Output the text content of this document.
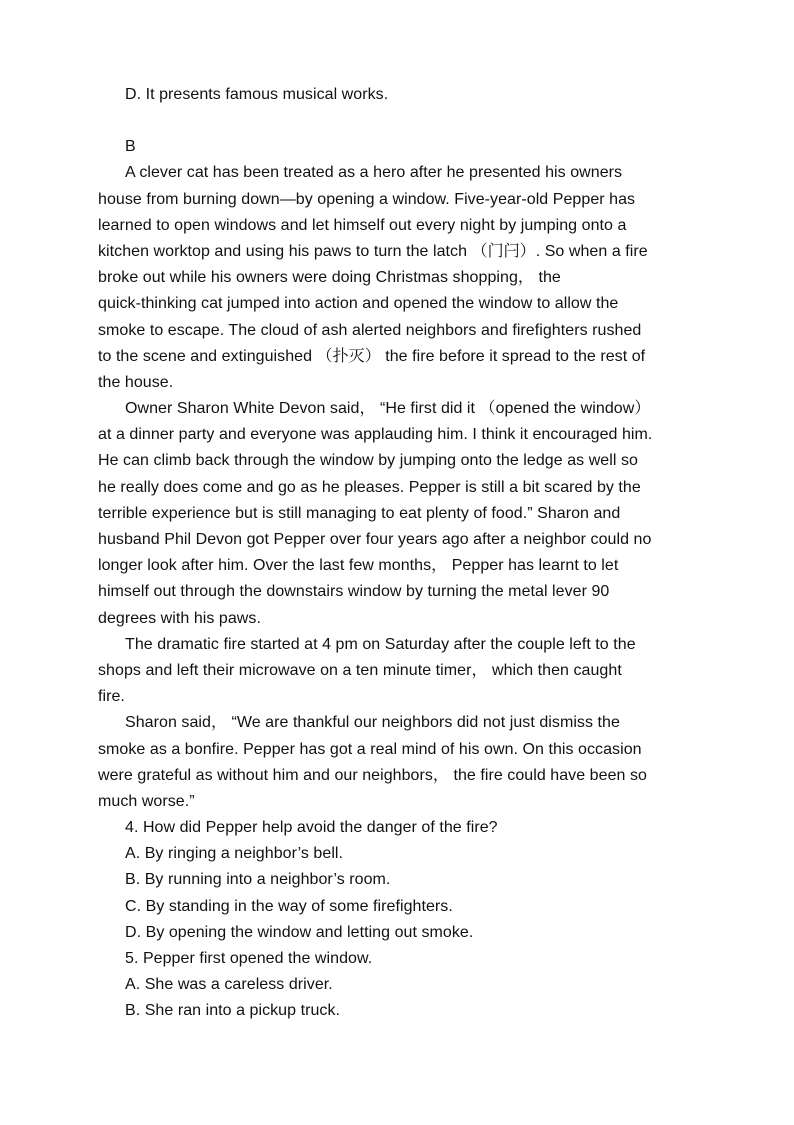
D. It presents famous musical works.
B
A clever cat has been treated as a hero after he presented his owners
house from burning down—by opening a window. Five-year-old Pepper has
learned to open windows and let himself out every night by jumping onto a
kitchen worktop and using his paws to turn the latch （门闩）. So when a fire
broke out while his owners were doing Christmas shopping， the
quick-thinking cat jumped into action and opened the window to allow the
smoke to escape. The cloud of ash alerted neighbors and firefighters rushed
to the scene and extinguished （扑灭） the fire before it spread to the rest of
the house.
Owner Sharon White Devon said， “He first did it （opened the window）
at a dinner party and everyone was applauding him. I think it encouraged him.
He can climb back through the window by jumping onto the ledge as well so
he really does come and go as he pleases. Pepper is still a bit scared by the
terrible experience but is still managing to eat plenty of food.” Sharon and
husband Phil Devon got Pepper over four years ago after a neighbor could no
longer look after him. Over the last few months， Pepper has learnt to let
himself out through the downstairs window by turning the metal lever 90
degrees with his paws.
The dramatic fire started at 4 pm on Saturday after the couple left to the
shops and left their microwave on a ten minute timer， which then caught
fire.
Sharon said， “We are thankful our neighbors did not just dismiss the
smoke as a bonfire. Pepper has got a real mind of his own. On this occasion
were grateful as without him and our neighbors， the fire could have been so
much worse.”
4. How did Pepper help avoid the danger of the fire?
A. By ringing a neighbor’s bell.
B. By running into a neighbor’s room.
C. By standing in the way of some firefighters.
D. By opening the window and letting out smoke.
5. Pepper first opened the window.
A. She was a careless driver.
B. She ran into a pickup truck.
